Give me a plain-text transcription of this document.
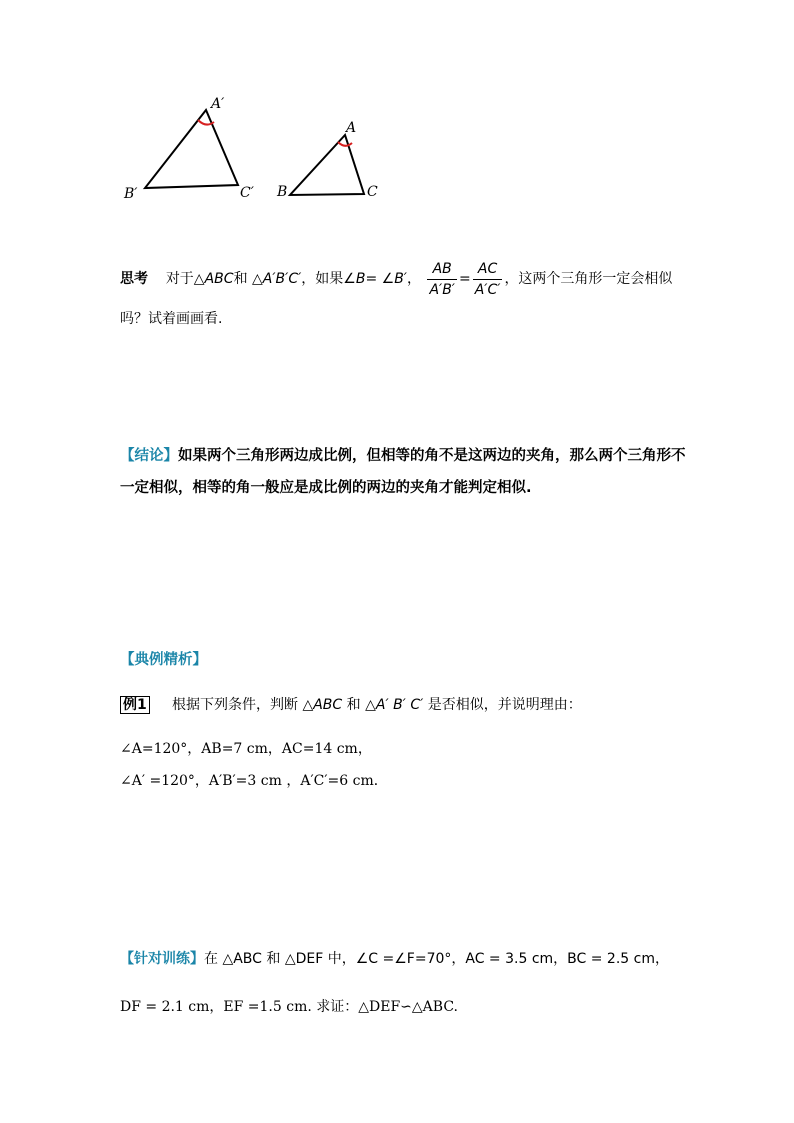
A′
B′	C′
A
B	C
思考 对于△ABC和 △A′B′C′，如果∠B= ∠B′， $\frac{AB}{A'B'} = \frac{AC}{A'C'}$ ，这两个三角形一定会相似
吗？试着画画看.
【结论】如果两个三角形两边成比例，但相等的角不是这两边的夹角，那么两个三角形不
一定相似，相等的角一般应是成比例的两边的夹角才能判定相似.
【典例精析】
例1 根据下列条件，判断 △ABC 和 △A′ B′ C′ 是否相似，并说明理由：
∠A=120°，AB=7 cm，AC=14 cm，
∠A′ =120°，A′B′=3 cm ，A′C′=6 cm．
【针对训练】在 △ABC 和 △DEF 中，∠C =∠F=70°，AC = 3.5 cm，BC = 2.5 cm，
DF = 2.1 cm，EF =1.5 cm. 求证：△DEF∽△ABC.
